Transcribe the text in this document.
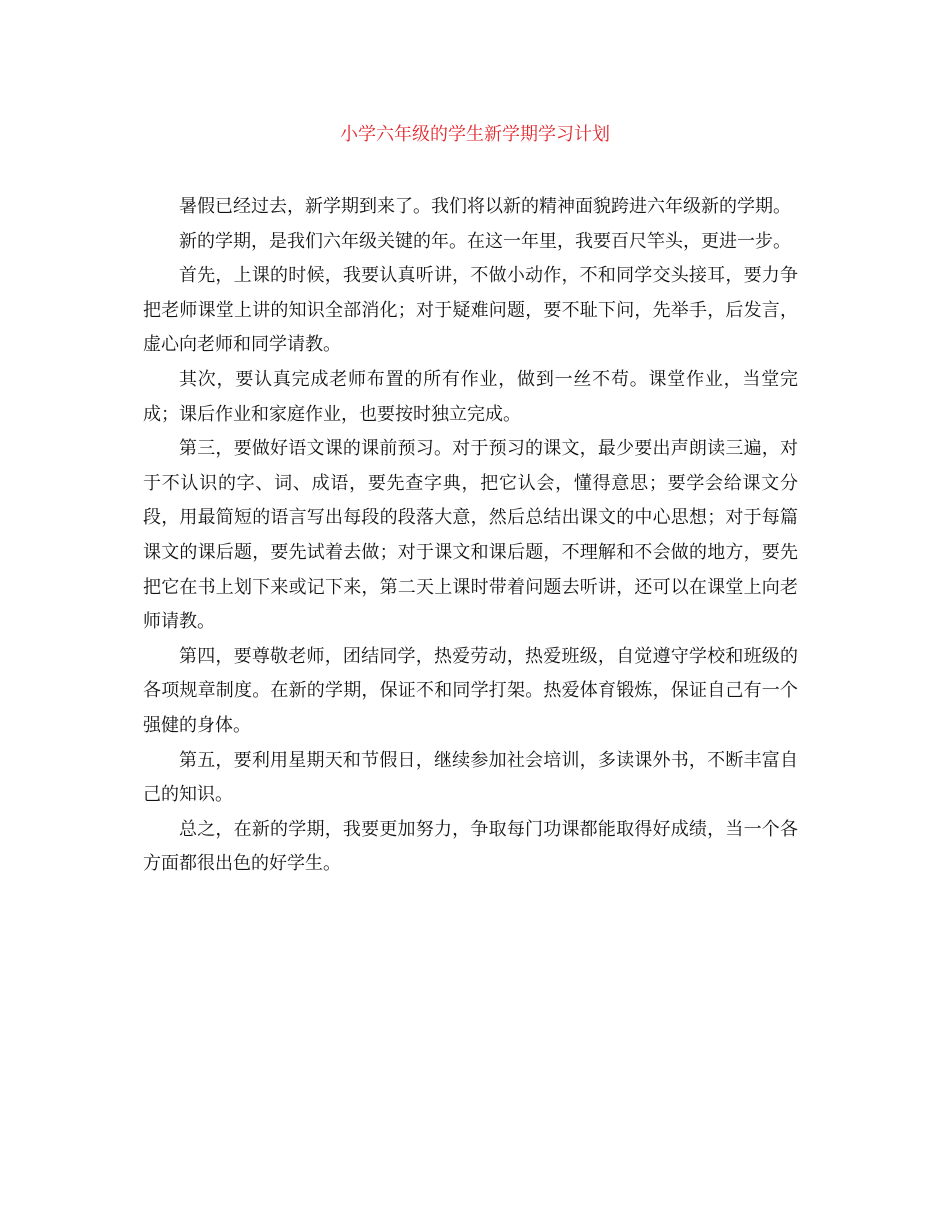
小学六年级的学生新学期学习计划

暑假已经过去，新学期到来了。我们将以新的精神面貌跨进六年级新的学期。

新的学期，是我们六年级关键的年。在这一年里，我要百尺竿头，更进一步。

首先，上课的时候，我要认真听讲，不做小动作，不和同学交头接耳，要力争把老师课堂上讲的知识全部消化；对于疑难问题，要不耻下问，先举手，后发言，虚心向老师和同学请教。

其次，要认真完成老师布置的所有作业，做到一丝不苟。课堂作业，当堂完成；课后作业和家庭作业，也要按时独立完成。

第三，要做好语文课的课前预习。对于预习的课文，最少要出声朗读三遍，对于不认识的字、词、成语，要先查字典，把它认会，懂得意思；要学会给课文分段，用最简短的语言写出每段的段落大意，然后总结出课文的中心思想；对于每篇课文的课后题，要先试着去做；对于课文和课后题，不理解和不会做的地方，要先把它在书上划下来或记下来，第二天上课时带着问题去听讲，还可以在课堂上向老师请教。

第四，要尊敬老师，团结同学，热爱劳动，热爱班级，自觉遵守学校和班级的各项规章制度。在新的学期，保证不和同学打架。热爱体育锻炼，保证自己有一个强健的身体。

第五，要利用星期天和节假日，继续参加社会培训，多读课外书，不断丰富自己的知识。

总之，在新的学期，我要更加努力，争取每门功课都能取得好成绩，当一个各方面都很出色的好学生。
